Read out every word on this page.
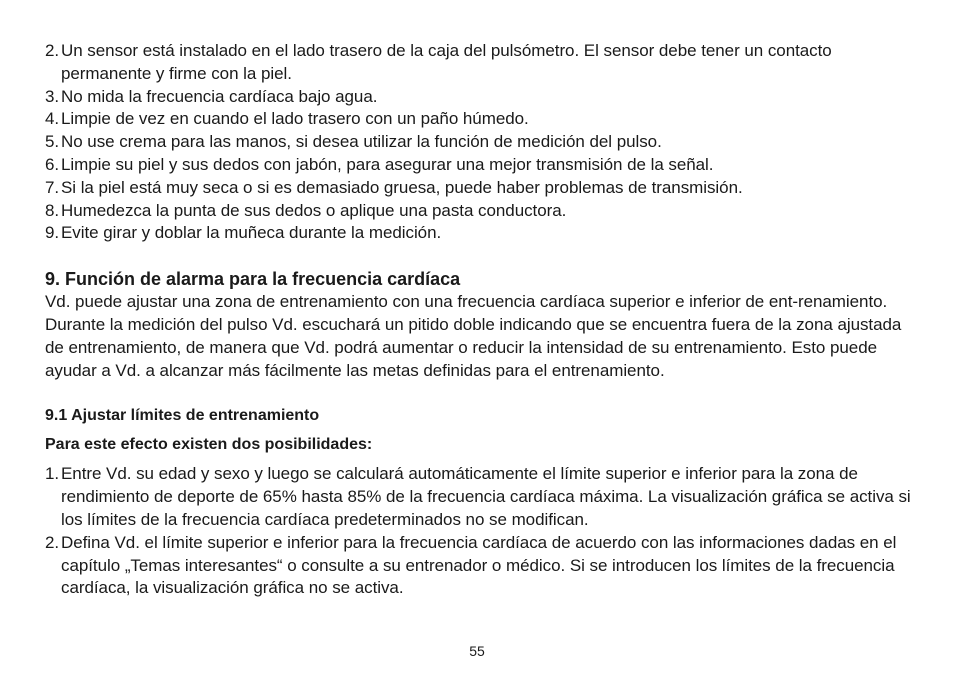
2. Un sensor está instalado en el lado trasero de la caja del pulsómetro. El sensor debe tener un contacto permanente y firme con la piel.
3. No mida la frecuencia cardíaca bajo agua.
4. Limpie de vez en cuando el lado trasero con un paño húmedo.
5. No use crema para las manos, si desea utilizar la función de medición del pulso.
6. Limpie su piel y sus dedos con jabón, para asegurar una mejor transmisión de la señal.
7. Si la piel está muy seca o si es demasiado gruesa, puede haber problemas de transmisión.
8. Humedezca la punta de sus dedos o aplique una pasta conductora.
9. Evite girar y doblar la muñeca durante la medición.
9. Función de alarma para la frecuencia cardíaca
Vd. puede ajustar una zona de entrenamiento con una frecuencia cardíaca superior e inferior de ent-renamiento. Durante la medición del pulso Vd. escuchará un pitido doble indicando que se encuentra fuera de la zona ajustada de entrenamiento, de manera que Vd. podrá aumentar o reducir la intensidad de su entrenamiento. Esto puede ayudar a Vd. a alcanzar más fácilmente las metas definidas para el entrenamiento.
9.1 Ajustar límites de entrenamiento
Para este efecto existen dos posibilidades:
1. Entre Vd. su edad y sexo y luego se calculará automáticamente el límite superior e inferior para la zona de rendimiento de deporte de 65% hasta 85% de la frecuencia cardíaca máxima. La visualización gráfica se activa si los límites de la frecuencia cardíaca predeterminados no se modifican.
2. Defina Vd. el límite superior e inferior para la frecuencia cardíaca de acuerdo con las informaciones dadas en el capítulo „Temas interesantes“ o consulte a su entrenador o médico. Si se introducen los límites de la frecuencia cardíaca, la visualización gráfica no se activa.
55
